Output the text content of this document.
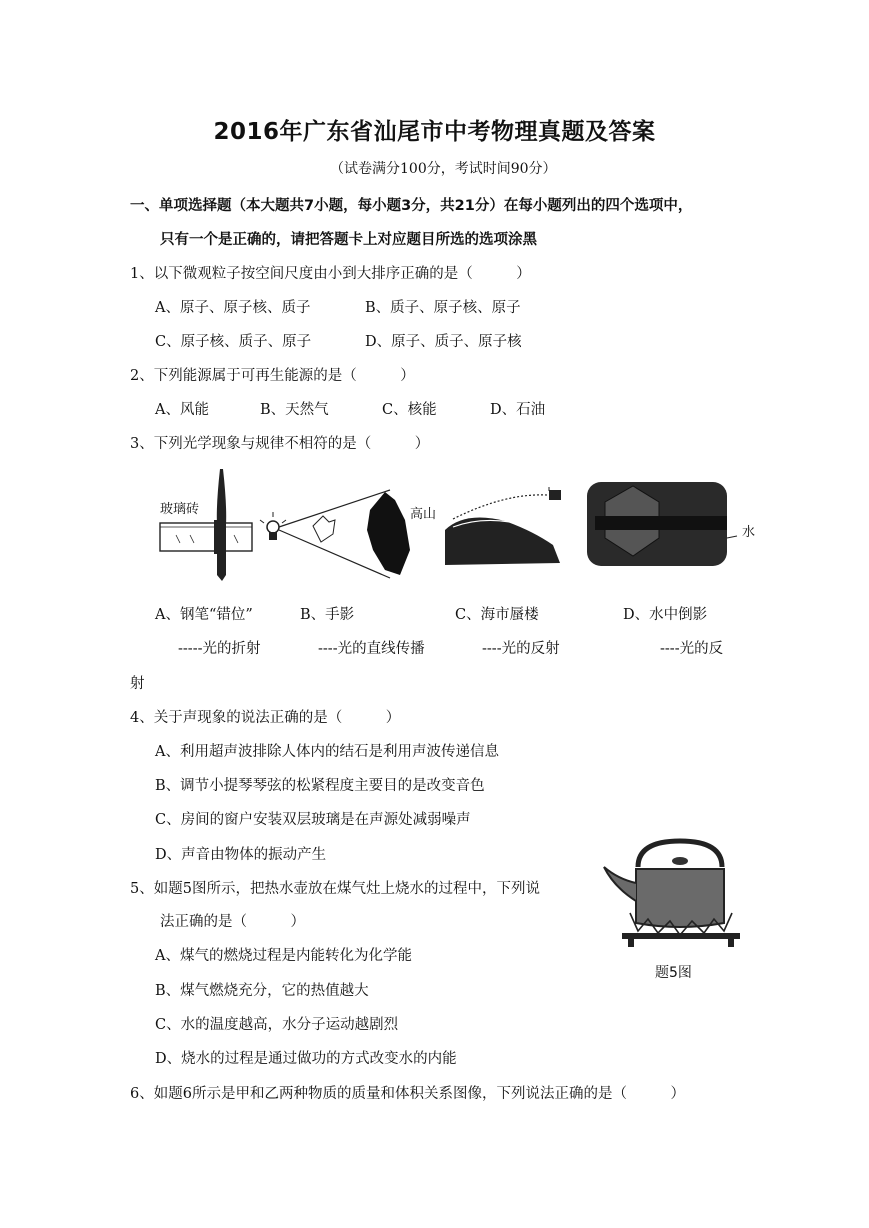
2016年广东省汕尾市中考物理真题及答案
（试卷满分100分，考试时间90分）
一、单项选择题（本大题共7小题，每小题3分，共21分）在每小题列出的四个选项中，
只有一个是正确的，请把答题卡上对应题目所选的选项涂黑
1、以下微观粒子按空间尺度由小到大排序正确的是（　　　）
A、原子、原子核、质子	B、质子、原子核、原子
C、原子核、质子、原子	D、原子、质子、原子核
2、下列能源属于可再生能源的是（　　　）
A、风能	B、天然气	C、核能	D、石油
3、下列光学现象与规律不相符的是（　　　）
玻璃砖	高山
水
A、钢笔“错位”	B、手影	C、海市蜃楼	D、水中倒影
-----光的折射	----光的直线传播	----光的反射	----光的反
射
4、关于声现象的说法正确的是（　　　）
A、利用超声波排除人体内的结石是利用声波传递信息
B、调节小提琴琴弦的松紧程度主要目的是改变音色
C、房间的窗户安装双层玻璃是在声源处减弱噪声
D、声音由物体的振动产生
5、如题5图所示，把热水壶放在煤气灶上烧水的过程中，下列说
法正确的是（　　　）
A、煤气的燃烧过程是内能转化为化学能
B、煤气燃烧充分，它的热值越大
C、水的温度越高，水分子运动越剧烈
D、烧水的过程是通过做功的方式改变水的内能
题5图
6、如题6所示是甲和乙两种物质的质量和体积关系图像，下列说法正确的是（　　　）
